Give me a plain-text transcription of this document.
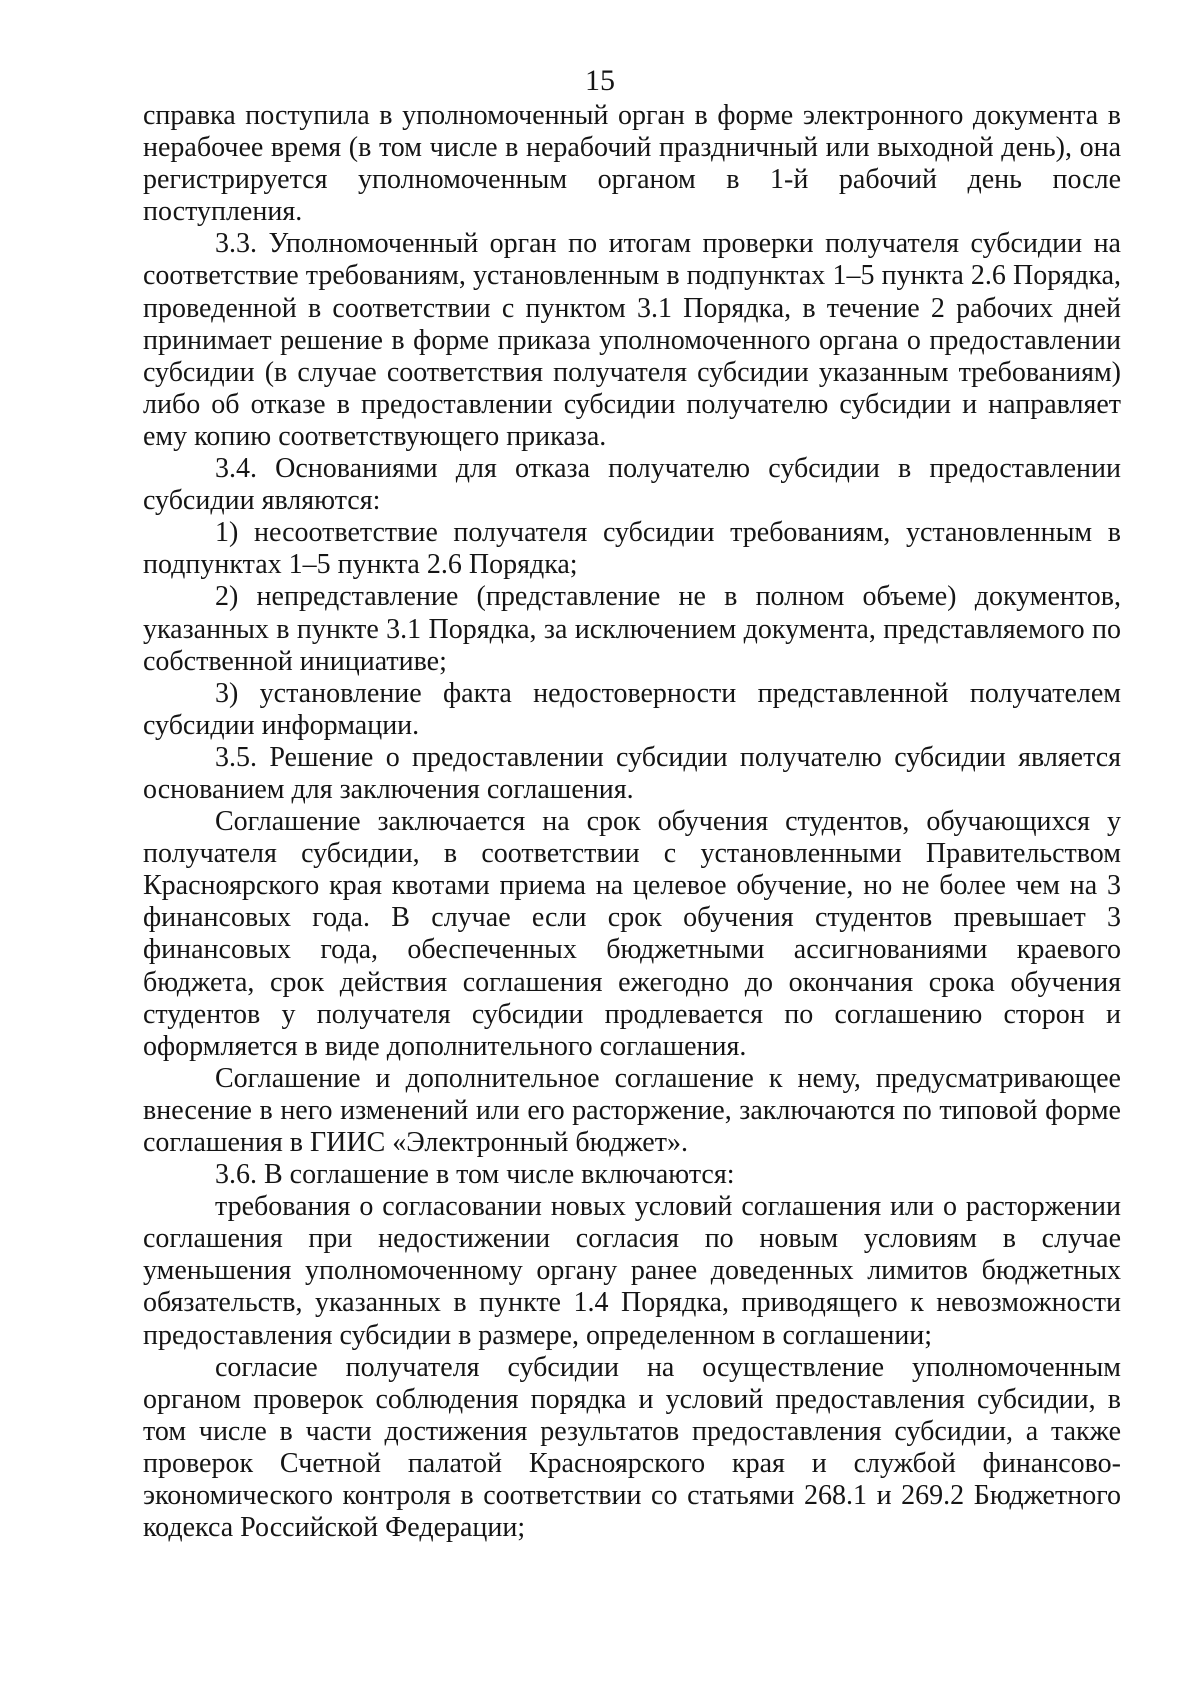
15

справка поступила в уполномоченный орган в форме электронного документа в нерабочее время (в том числе в нерабочий праздничный или выходной день), она регистрируется уполномоченным органом в 1-й рабочий день после поступления.

3.3. Уполномоченный орган по итогам проверки получателя субсидии на соответствие требованиям, установленным в подпунктах 1–5 пункта 2.6 Порядка, проведенной в соответствии с пунктом 3.1 Порядка, в течение 2 рабочих дней принимает решение в форме приказа уполномоченного органа о предоставлении субсидии (в случае соответствия получателя субсидии указанным требованиям) либо об отказе в предоставлении субсидии получателю субсидии и направляет ему копию соответствующего приказа.

3.4. Основаниями для отказа получателю субсидии в предоставлении субсидии являются:

1) несоответствие получателя субсидии требованиям, установленным в подпунктах 1–5 пункта 2.6 Порядка;

2) непредставление (представление не в полном объеме) документов, указанных в пункте 3.1 Порядка, за исключением документа, представляемого по собственной инициативе;

3) установление факта недостоверности представленной получателем субсидии информации.

3.5. Решение о предоставлении субсидии получателю субсидии является основанием для заключения соглашения.

Соглашение заключается на срок обучения студентов, обучающихся у получателя субсидии, в соответствии с установленными Правительством Красноярского края квотами приема на целевое обучение, но не более чем на 3 финансовых года. В случае если срок обучения студентов превышает 3 финансовых года, обеспеченных бюджетными ассигнованиями краевого бюджета, срок действия соглашения ежегодно до окончания срока обучения студентов у получателя субсидии продлевается по соглашению сторон и оформляется в виде дополнительного соглашения.

Соглашение и дополнительное соглашение к нему, предусматривающее внесение в него изменений или его расторжение, заключаются по типовой форме соглашения в ГИИС «Электронный бюджет».

3.6. В соглашение в том числе включаются:

требования о согласовании новых условий соглашения или о расторжении соглашения при недостижении согласия по новым условиям в случае уменьшения уполномоченному органу ранее доведенных лимитов бюджетных обязательств, указанных в пункте 1.4 Порядка, приводящего к невозможности предоставления субсидии в размере, определенном в соглашении;

согласие получателя субсидии на осуществление уполномоченным органом проверок соблюдения порядка и условий предоставления субсидии, в том числе в части достижения результатов предоставления субсидии, а также проверок Счетной палатой Красноярского края и службой финансово-экономического контроля в соответствии со статьями 268.1 и 269.2 Бюджетного кодекса Российской Федерации;
